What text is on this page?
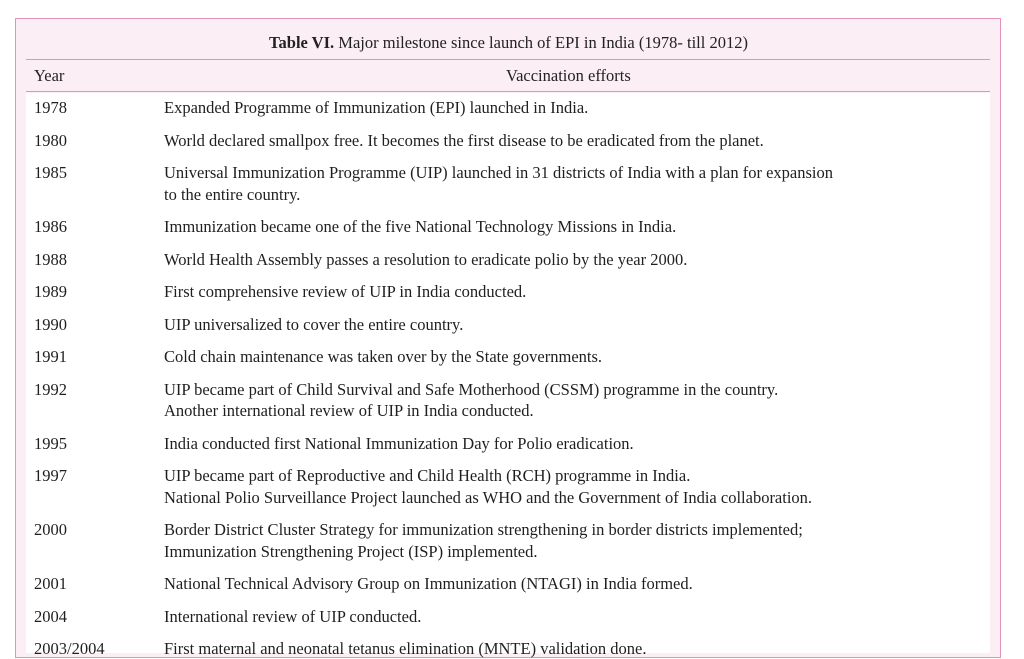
Table VI. Major milestone since launch of EPI in India (1978- till 2012)
Year	Vaccination efforts
1978	Expanded Programme of Immunization (EPI) launched in India.
1980	World declared smallpox free. It becomes the first disease to be eradicated from the planet.
1985	Universal Immunization Programme (UIP) launched in 31 districts of India with a plan for expansion
to the entire country.
1986	Immunization became one of the five National Technology Missions in India.
1988	World Health Assembly passes a resolution to eradicate polio by the year 2000.
1989	First comprehensive review of UIP in India conducted.
1990	UIP universalized to cover the entire country.
1991	Cold chain maintenance was taken over by the State governments.
1992	UIP became part of Child Survival and Safe Motherhood (CSSM) programme in the country.
Another international review of UIP in India conducted.
1995	India conducted first National Immunization Day for Polio eradication.
1997	UIP became part of Reproductive and Child Health (RCH) programme in India.
National Polio Surveillance Project launched as WHO and the Government of India collaboration.
2000	Border District Cluster Strategy for immunization strengthening in border districts implemented;
Immunization Strengthening Project (ISP) implemented.
2001	National Technical Advisory Group on Immunization (NTAGI) in India formed.
2004	International review of UIP conducted.
2003/2004	First maternal and neonatal tetanus elimination (MNTE) validation done.
